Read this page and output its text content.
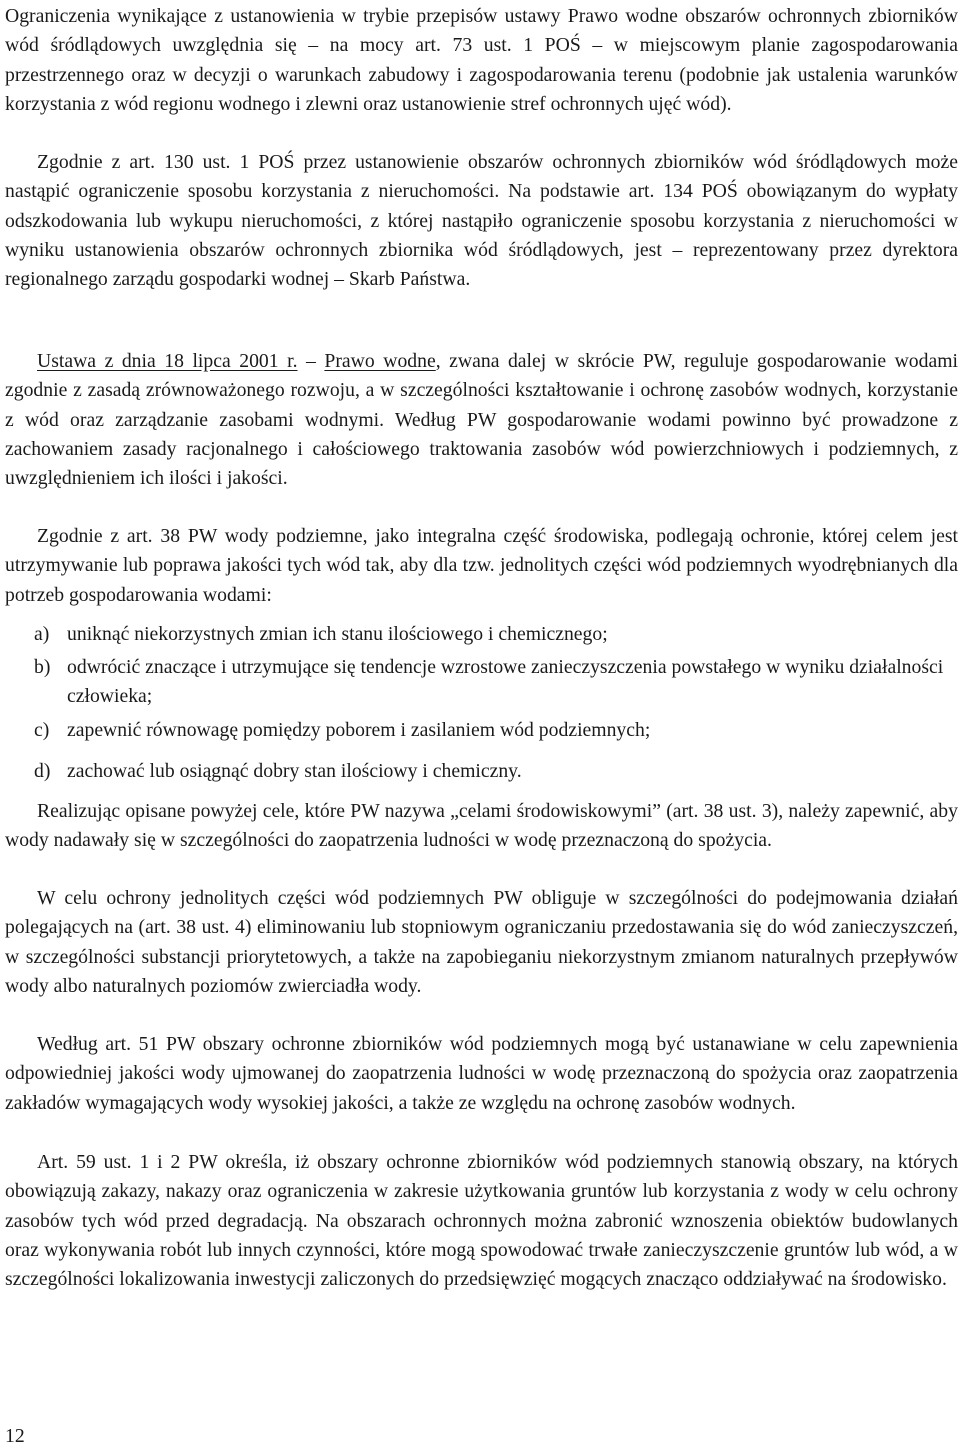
Ograniczenia wynikające z ustanowienia w trybie przepisów ustawy Prawo wodne obszarów ochronnych zbiorników wód śródlądowych uwzględnia się – na mocy art. 73 ust. 1 POŚ – w miejscowym planie zagospodarowania przestrzennego oraz w decyzji o warunkach zabudowy i zagospodarowania terenu (podobnie jak ustalenia warunków korzystania z wód regionu wodnego i zlewni oraz ustanowienie stref ochronnych ujęć wód).

Zgodnie z art. 130 ust. 1 POŚ przez ustanowienie obszarów ochronnych zbiorników wód śródlądowych może nastąpić ograniczenie sposobu korzystania z nieruchomości. Na podstawie art. 134 POŚ obowiązanym do wypłaty odszkodowania lub wykupu nieruchomości, z której nastąpiło ograniczenie sposobu korzystania z nieruchomości w wyniku ustanowienia obszarów ochronnych zbiornika wód śródlądowych, jest – reprezentowany przez dyrektora regionalnego zarządu gospodarki wodnej – Skarb Państwa.

Ustawa z dnia 18 lipca 2001 r. – Prawo wodne, zwana dalej w skrócie PW, reguluje gospodarowanie wodami zgodnie z zasadą zrównoważonego rozwoju, a w szczególności kształtowanie i ochronę zasobów wodnych, korzystanie z wód oraz zarządzanie zasobami wodnymi. Według PW gospodarowanie wodami powinno być prowadzone z zachowaniem zasady racjonalnego i całościowego traktowania zasobów wód powierzchniowych i podziemnych, z uwzględnieniem ich ilości i jakości.

Zgodnie z art. 38 PW wody podziemne, jako integralna część środowiska, podlegają ochronie, której celem jest utrzymywanie lub poprawa jakości tych wód tak, aby dla tzw. jednolitych części wód podziemnych wyodrębnianych dla potrzeb gospodarowania wodami:

a) uniknąć niekorzystnych zmian ich stanu ilościowego i chemicznego;

b) odwrócić znaczące i utrzymujące się tendencje wzrostowe zanieczyszczenia powstałego w wyniku działalności człowieka;

c) zapewnić równowagę pomiędzy poborem i zasilaniem wód podziemnych;

d) zachować lub osiągnąć dobry stan ilościowy i chemiczny.

Realizując opisane powyżej cele, które PW nazywa „celami środowiskowymi” (art. 38 ust. 3), należy zapewnić, aby wody nadawały się w szczególności do zaopatrzenia ludności w wodę przeznaczoną do spożycia.

W celu ochrony jednolitych części wód podziemnych PW obliguje w szczególności do podejmowania działań polegających na (art. 38 ust. 4) eliminowaniu lub stopniowym ograniczaniu przedostawania się do wód zanieczyszczeń, w szczególności substancji priorytetowych, a także na zapobieganiu niekorzystnym zmianom naturalnych przepływów wody albo naturalnych poziomów zwierciadła wody.

Według art. 51 PW obszary ochronne zbiorników wód podziemnych mogą być ustanawiane w celu zapewnienia odpowiedniej jakości wody ujmowanej do zaopatrzenia ludności w wodę przeznaczoną do spożycia oraz zaopatrzenia zakładów wymagających wody wysokiej jakości, a także ze względu na ochronę zasobów wodnych.

Art. 59 ust. 1 i 2 PW określa, iż obszary ochronne zbiorników wód podziemnych stanowią obszary, na których obowiązują zakazy, nakazy oraz ograniczenia w zakresie użytkowania gruntów lub korzystania z wody w celu ochrony zasobów tych wód przed degradacją. Na obszarach ochronnych można zabronić wznoszenia obiektów budowlanych oraz wykonywania robót lub innych czynności, które mogą spowodować trwałe zanieczyszczenie gruntów lub wód, a w szczególności lokalizowania inwestycji zaliczonych do przedsięwzięć mogących znacząco oddziaływać na środowisko.

12
